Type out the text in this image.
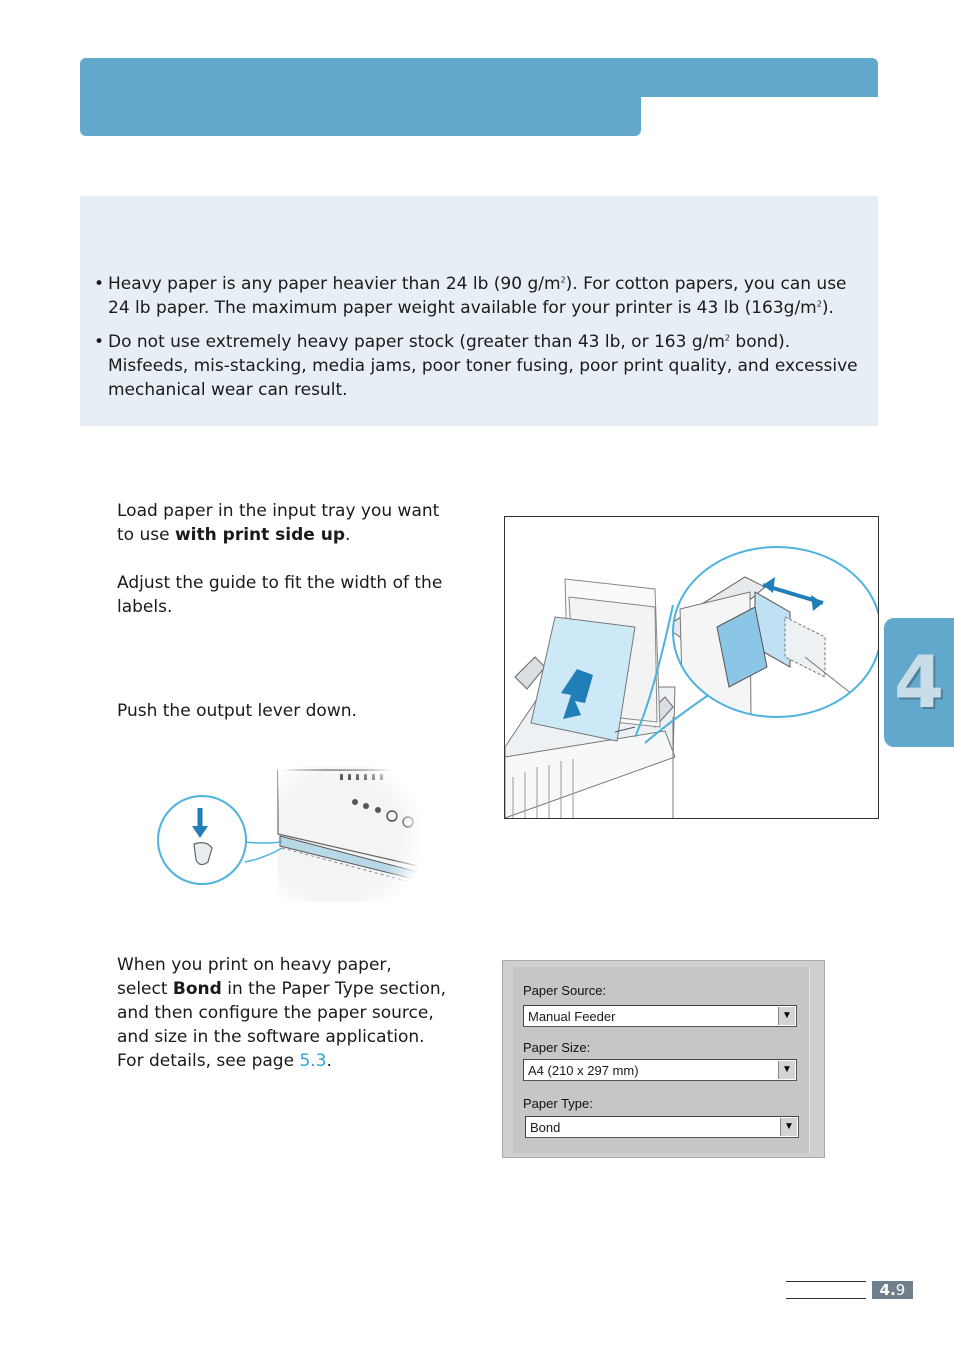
• Heavy paper is any paper heavier than 24 lb (90 $g/m^2$). For cotton papers, you can use 24 lb paper. The maximum paper weight available for your printer is 43 lb $(163g/m^2)$.
• Do not use extremely heavy paper stock (greater than 43 lb, or 163 $g/m^2$ bond). Misfeeds, mis-stacking, media jams, poor toner fusing, poor print quality, and excessive mechanical wear can result.

Load paper in the input tray you want to use with print side up.

Adjust the guide to fit the width of the labels.

Push the output lever down.

When you print on heavy paper, select Bond in the Paper Type section, and then configure the paper source, and size in the software application. For details, see page 5.3.

4
Paper Source:
Manual Feeder	▼
Paper Size:
A4 (210 x 297 mm)	▼
Paper Type:
Bond	▼
4.9
